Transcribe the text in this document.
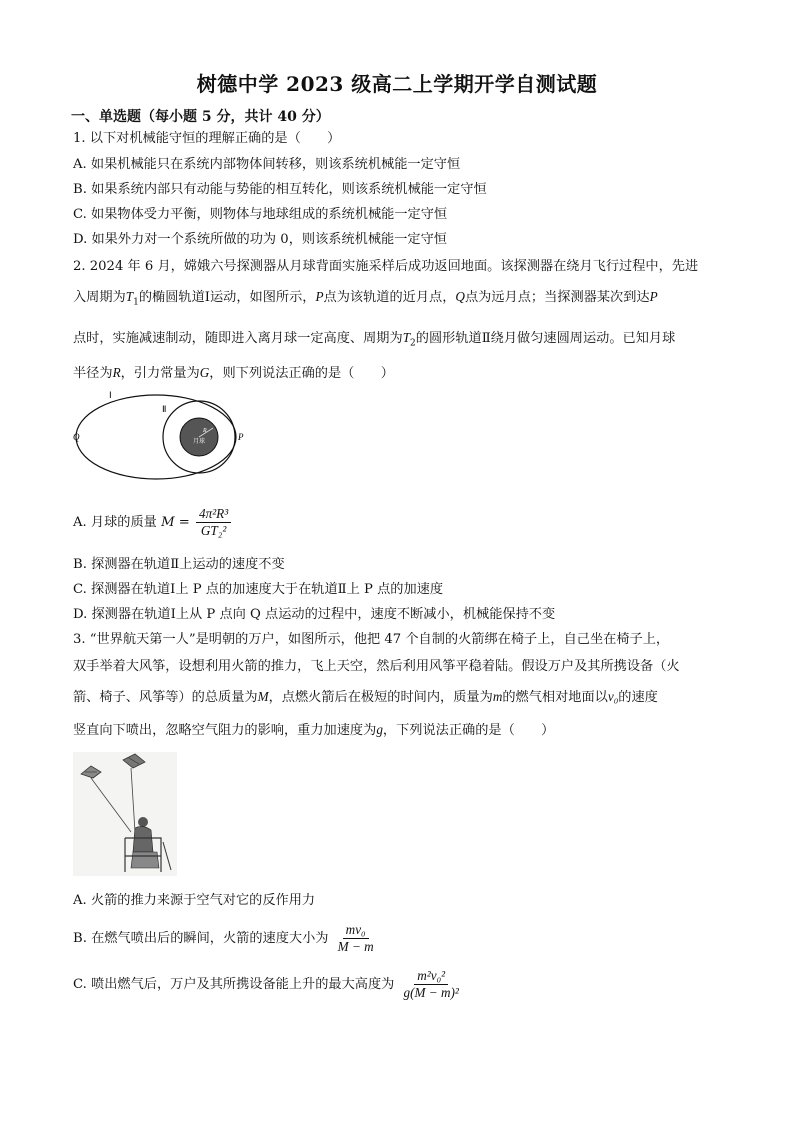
树德中学 2023 级高二上学期开学自测试题
一、单选题（每小题 5 分，共计 40 分）
1. 以下对机械能守恒的理解正确的是（　　）
A. 如果机械能只在系统内部物体间转移，则该系统机械能一定守恒
B. 如果系统内部只有动能与势能的相互转化，则该系统机械能一定守恒
C. 如果物体受力平衡，则物体与地球组成的系统机械能一定守恒
D. 如果外力对一个系统所做的功为 0，则该系统机械能一定守恒
2. 2024 年 6 月，嫦娥六号探测器从月球背面实施采样后成功返回地面。该探测器在绕月飞行过程中，先进
入周期为$T_1$的椭圆轨道Ⅰ运动，如图所示，P点为该轨道的近月点，Q点为远月点；当探测器某次到达P
点时，实施减速制动，随即进入离月球一定高度、周期为$T_2$的圆形轨道Ⅱ绕月做匀速圆周运动。已知月球
半径为R，引力常量为G，则下列说法正确的是（　　）
Ⅰ
Ⅱ
Q	P
R
月球
A. 月球的质量 $M = \frac{\text{4π²R³}}{\text{GT₂²}}$
B. 探测器在轨道Ⅱ上运动的速度不变
C. 探测器在轨道Ⅰ上 P 点的加速度大于在轨道Ⅱ上 P 点的加速度
D. 探测器在轨道Ⅰ上从 P 点向 Q 点运动的过程中，速度不断减小，机械能保持不变
3. “世界航天第一人”是明朝的万户，如图所示，他把 47 个自制的火箭绑在椅子上，自己坐在椅子上，
双手举着大风筝，设想利用火箭的推力，飞上天空，然后利用风筝平稳着陆。假设万户及其所携设备（火
箭、椅子、风筝等）的总质量为M，点燃火箭后在极短的时间内，质量为m的燃气相对地面以v₀的速度
竖直向下喷出，忽略空气阻力的影响，重力加速度为g，下列说法正确的是（　　）
A. 火箭的推力来源于空气对它的反作用力
B. 在燃气喷出后的瞬间，火箭的速度大小为 $\frac{\text{mv₀}}{M - m}$
C. 喷出燃气后，万户及其所携设备能上升的最大高度为 $\frac{\text{m²v₀²}}{\text{g(M − m)²}}$
